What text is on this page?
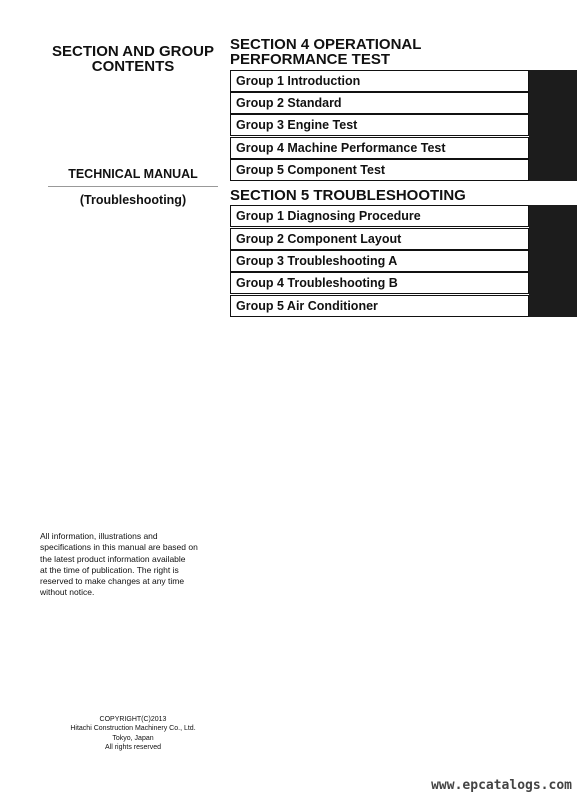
SECTION AND GROUP
CONTENTS
TECHNICAL MANUAL
(Troubleshooting)
SECTION 4 OPERATIONAL
PERFORMANCE TEST
Group 1 Introduction
Group 2 Standard
Group 3 Engine Test
Group 4 Machine Performance Test
Group 5 Component Test
SECTION 5 TROUBLESHOOTING
Group 1 Diagnosing Procedure
Group 2 Component Layout
Group 3 Troubleshooting A
Group 4 Troubleshooting B
Group 5 Air Conditioner
All information, illustrations and
specifications in this manual are based on
the latest product information available
at the time of publication. The right is
reserved to make changes at any time
without notice.
COPYRIGHT(C)2013
Hitachi Construction Machinery Co., Ltd.
Tokyo, Japan
All rights reserved
www.epcatalogs.com
